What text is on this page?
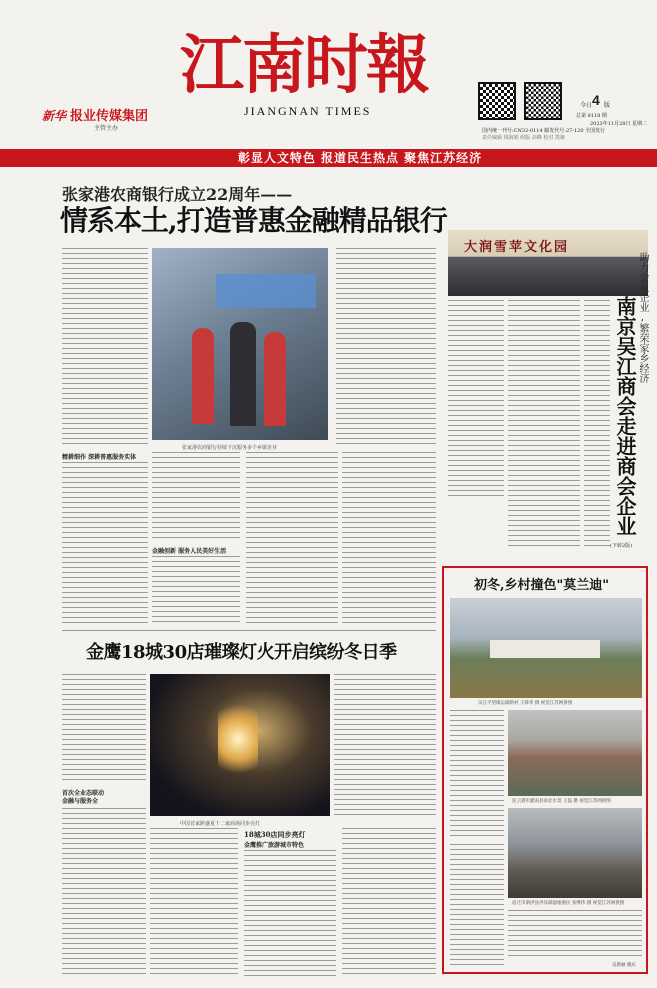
新华 报业传媒集团
主管主办
江南时報
JIANGNAN TIMES	今日 4 版
总第 8118 期
2023年11月28日 星期二
国内统一刊号:CN32-0114 邮发代号:27-120 全国发行
责任编辑 钱海娟 组版 高峰 校对 凯娅
彰显人文特色 报道民生热点 聚焦江苏经济
张家港农商银行成立22周年——
情系本土,打造普惠金融精品银行
张家港农商银行持续下沉服务多个乡镇企业
精耕细作 深耕普惠服务实体
金融创新 服务人民美好生活
金鹰18城30店璀璨灯火开启缤纷冬日季
首次全业态联动
金融与服务全
中国首家跨盛夏十二家商场同步亮灯
18城30店同步亮灯
金鹰推广旅游城市特色
大润雪苹文化园
南京吴江商会走进商会企业 助力会员企业,繁荣家乡经济
(下转2版)
初冬,乡村撞色"莫兰迪"
吴江平望镇运湖新村 王锋华 摄 视觉江苏网供图
连云港市灌南县南北水景 王磊 摄 视觉江苏网供图
宿迁市泗洪县洪泽湖湿地渔民 张继伟 摄 视觉江苏网供图
吴新丽 晓庆
